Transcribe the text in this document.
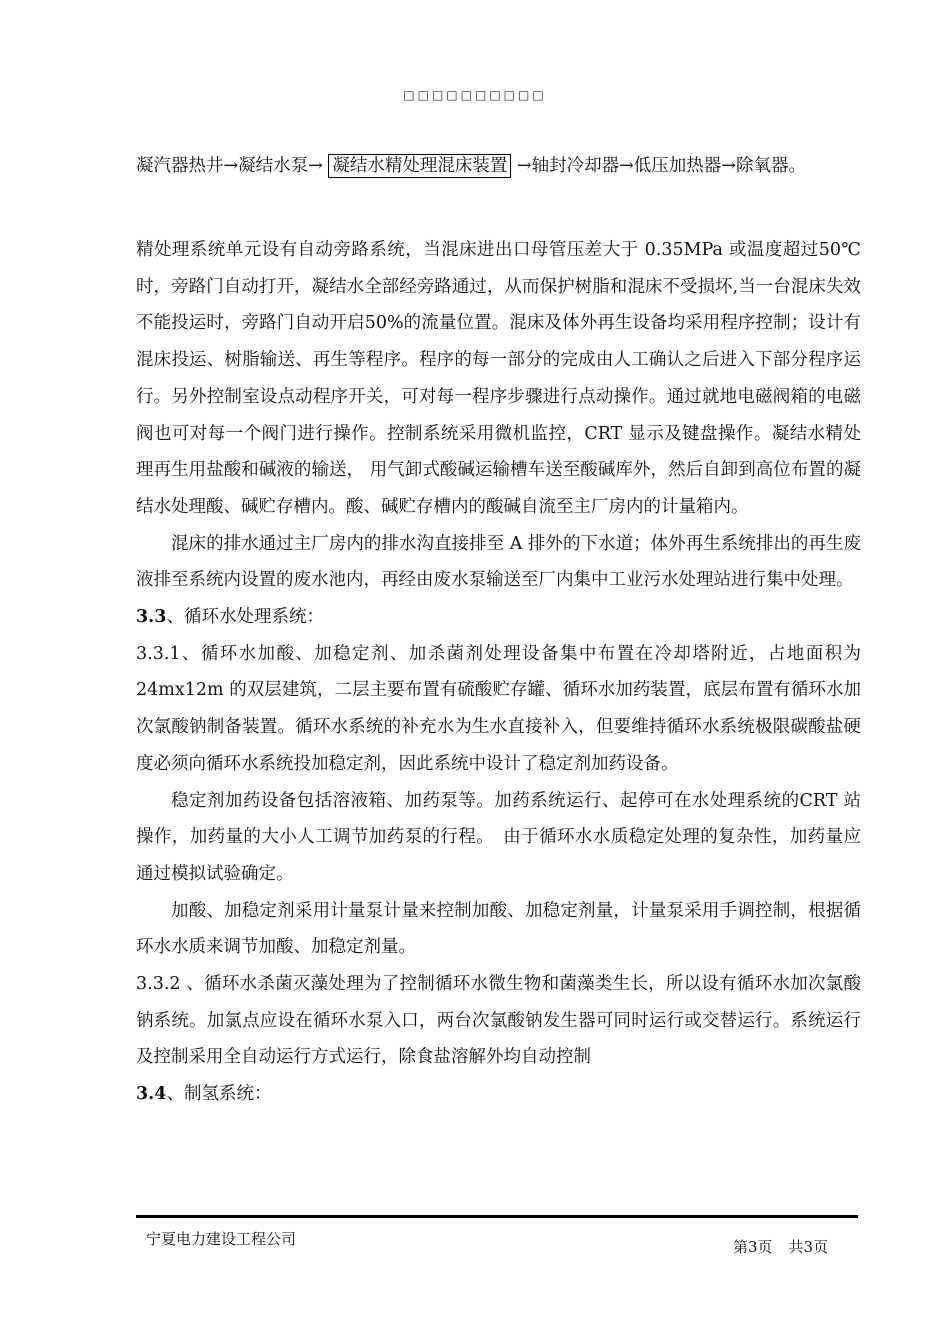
□□□□□□□□□□
凝汽器热井→凝结水泵→ 凝结水精处理混床装置 →轴封冷却器→低压加热器→除氧器。

精处理系统单元设有自动旁路系统，当混床进出口母管压差大于 0.35MPa 或温度超过50℃时，旁路门自动打开，凝结水全部经旁路通过，从而保护树脂和混床不受损坏,当一台混床失效不能投运时，旁路门自动开启50%的流量位置。混床及体外再生设备均采用程序控制；设计有混床投运、树脂输送、再生等程序。程序的每一部分的完成由人工确认之后进入下部分程序运行。另外控制室设点动程序开关，可对每一程序步骤进行点动操作。通过就地电磁阀箱的电磁阀也可对每一个阀门进行操作。控制系统采用微机监控，CRT 显示及键盘操作。凝结水精处理再生用盐酸和碱液的输送， 用气卸式酸碱运输槽车送至酸碱库外，然后自卸到高位布置的凝结水处理酸、碱贮存槽内。酸、碱贮存槽内的酸碱自流至主厂房内的计量箱内。

混床的排水通过主厂房内的排水沟直接排至 A 排外的下水道；体外再生系统排出的再生废液排至系统内设置的废水池内，再经由废水泵输送至厂内集中工业污水处理站进行集中处理。

3.3、循环水处理系统：

3.3.1、循环水加酸、加稳定剂、加杀菌剂处理设备集中布置在冷却塔附近，占地面积为24mx12m 的双层建筑，二层主要布置有硫酸贮存罐、循环水加药装置，底层布置有循环水加次氯酸钠制备装置。循环水系统的补充水为生水直接补入，但要维持循环水系统极限碳酸盐硬度必须向循环水系统投加稳定剂，因此系统中设计了稳定剂加药设备。

稳定剂加药设备包括溶液箱、加药泵等。加药系统运行、起停可在水处理系统的CRT 站操作，加药量的大小人工调节加药泵的行程。　由于循环水水质稳定处理的复杂性，加药量应通过模拟试验确定。

加酸、加稳定剂采用计量泵计量来控制加酸、加稳定剂量，计量泵采用手调控制，根据循环水水质来调节加酸、加稳定剂量。

3.3.2 、循环水杀菌灭藻处理为了控制循环水微生物和菌藻类生长，所以设有循环水加次氯酸钠系统。加氯点应设在循环水泵入口，两台次氯酸钠发生器可同时运行或交替运行。系统运行及控制采用全自动运行方式运行，除食盐溶解外均自动控制

3.4、制氢系统：

宁夏电力建设工程公司	第3页 共3页
